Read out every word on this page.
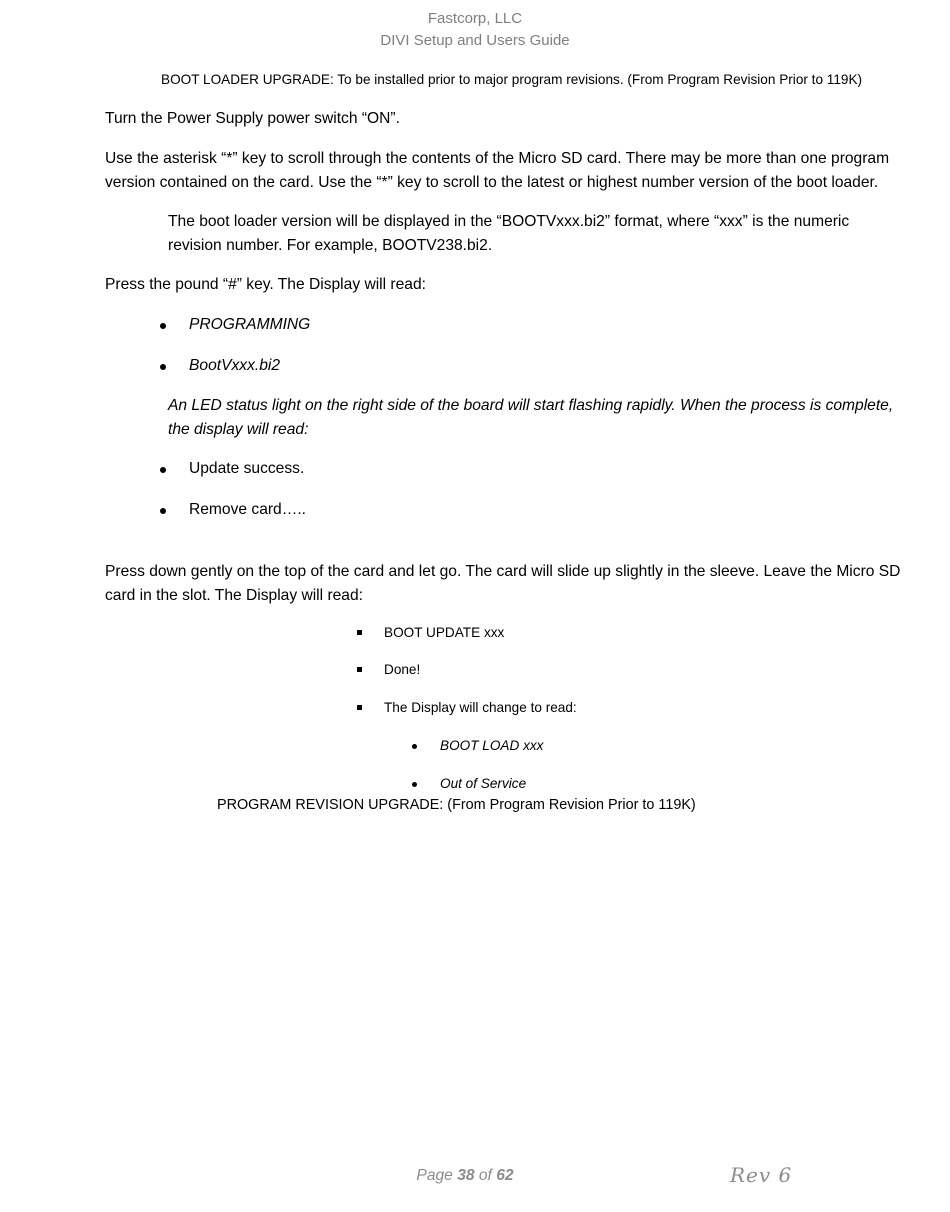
Fastcorp, LLC
DIVI Setup and Users Guide
BOOT LOADER UPGRADE: To be installed prior to major program revisions. (From Program Revision Prior to 119K)
Turn the Power Supply power switch “ON”.
Use the asterisk “*” key to scroll through the contents of the Micro SD card. There may be more than one program version contained on the card. Use the “*” key to scroll to the latest or highest number version of the boot loader.
The boot loader version will be displayed in the “BOOTVxxx.bi2” format, where “xxx” is the numeric revision number. For example, BOOTV238.bi2.
Press the pound “#” key. The Display will read:
PROGRAMMING
BootVxxx.bi2
An LED status light on the right side of the board will start flashing rapidly. When the process is complete, the display will read:
Update success.
Remove card…..
Press down gently on the top of the card and let go. The card will slide up slightly in the sleeve. Leave the Micro SD card in the slot. The Display will read:
BOOT UPDATE xxx
Done!
The Display will change to read:
BOOT LOAD xxx
Out of Service
PROGRAM REVISION UPGRADE: (From Program Revision Prior to 119K)
Page 38 of 62	Rev 6
